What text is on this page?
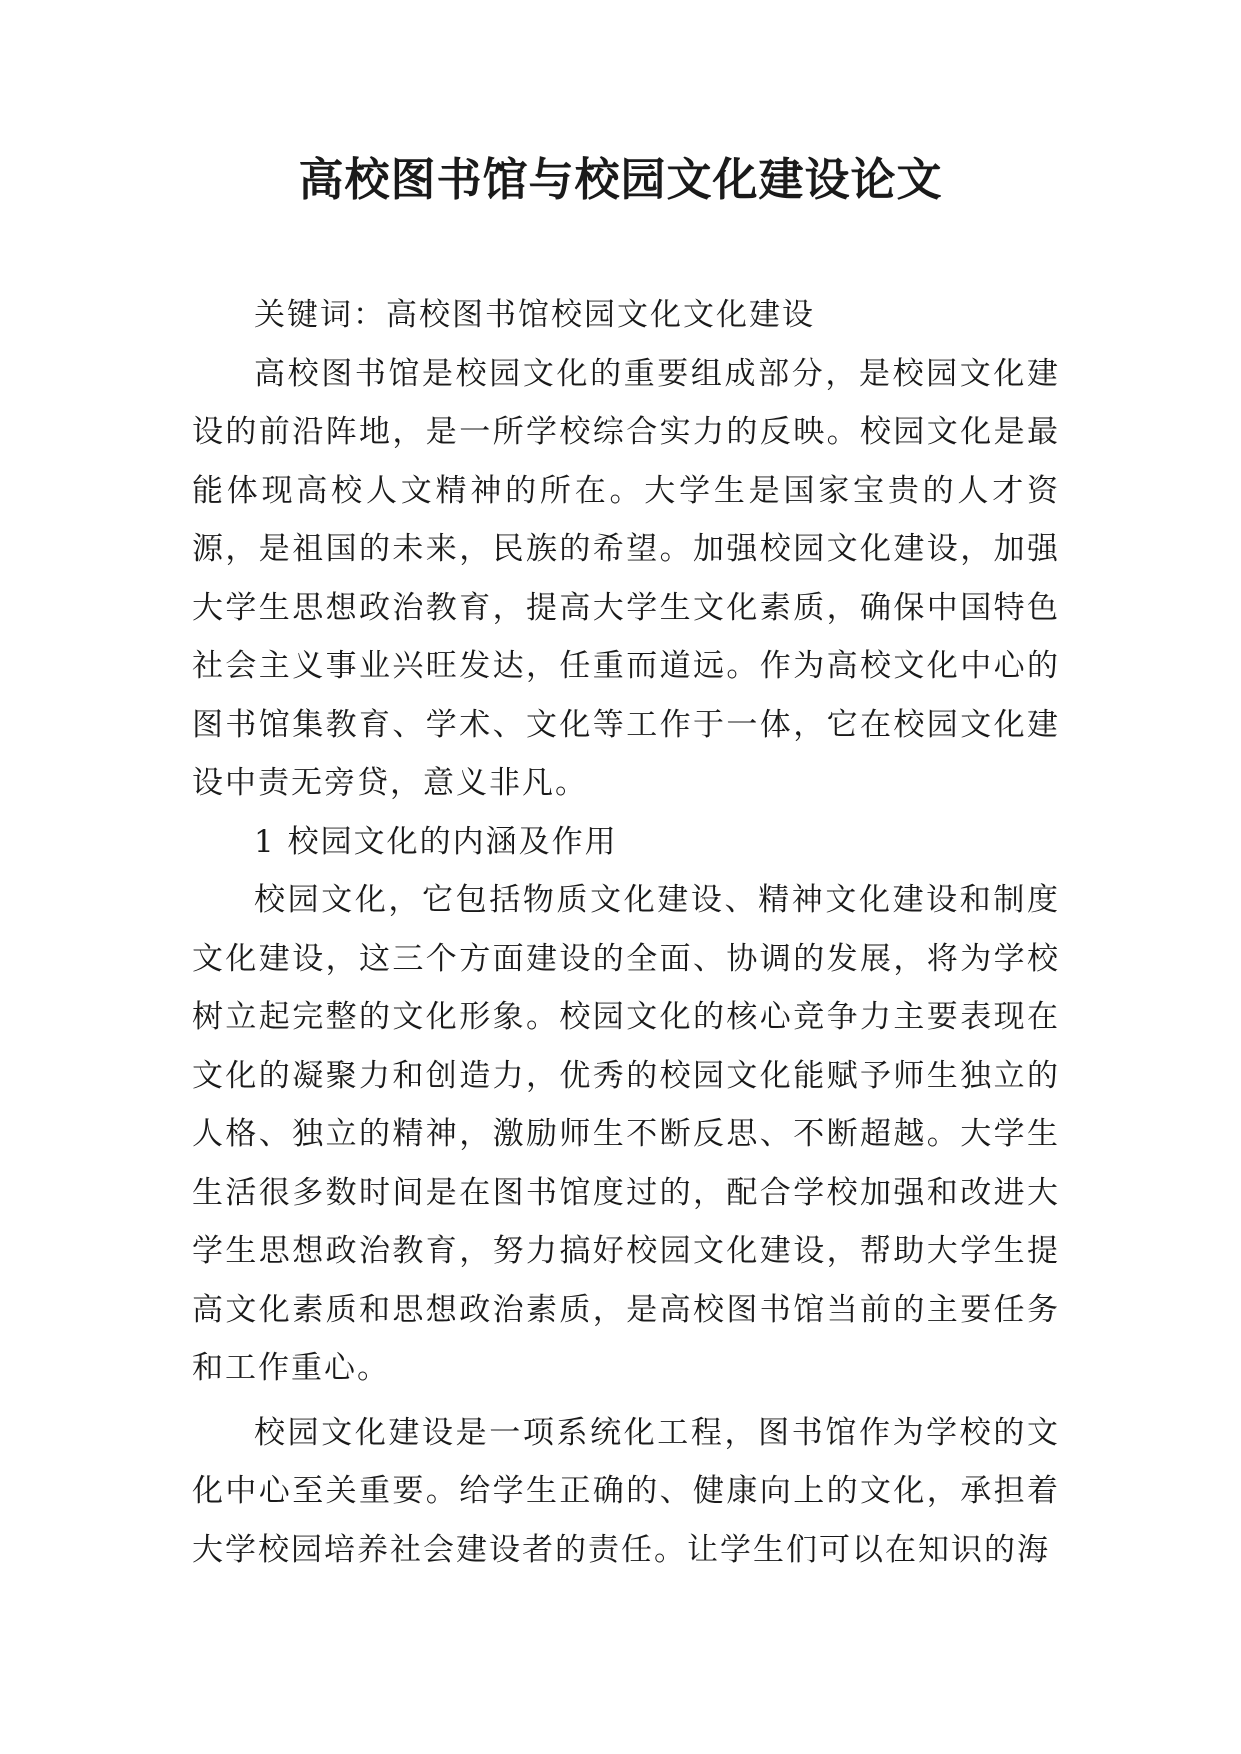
高校图书馆与校园文化建设论文

关键词：高校图书馆校园文化文化建设

高校图书馆是校园文化的重要组成部分，是校园文化建设的前沿阵地，是一所学校综合实力的反映。校园文化是最能体现高校人文精神的所在。大学生是国家宝贵的人才资源，是祖国的未来，民族的希望。加强校园文化建设，加强大学生思想政治教育，提高大学生文化素质，确保中国特色社会主义事业兴旺发达，任重而道远。作为高校文化中心的图书馆集教育、学术、文化等工作于一体，它在校园文化建设中责无旁贷，意义非凡。

1 校园文化的内涵及作用

校园文化，它包括物质文化建设、精神文化建设和制度文化建设，这三个方面建设的全面、协调的发展，将为学校树立起完整的文化形象。校园文化的核心竞争力主要表现在文化的凝聚力和创造力，优秀的校园文化能赋予师生独立的人格、独立的精神，激励师生不断反思、不断超越。大学生生活很多数时间是在图书馆度过的，配合学校加强和改进大学生思想政治教育，努力搞好校园文化建设，帮助大学生提高文化素质和思想政治素质，是高校图书馆当前的主要任务和工作重心。

校园文化建设是一项系统化工程，图书馆作为学校的文化中心至关重要。给学生正确的、健康向上的文化，承担着大学校园培养社会建设者的责任。让学生们可以在知识的海
